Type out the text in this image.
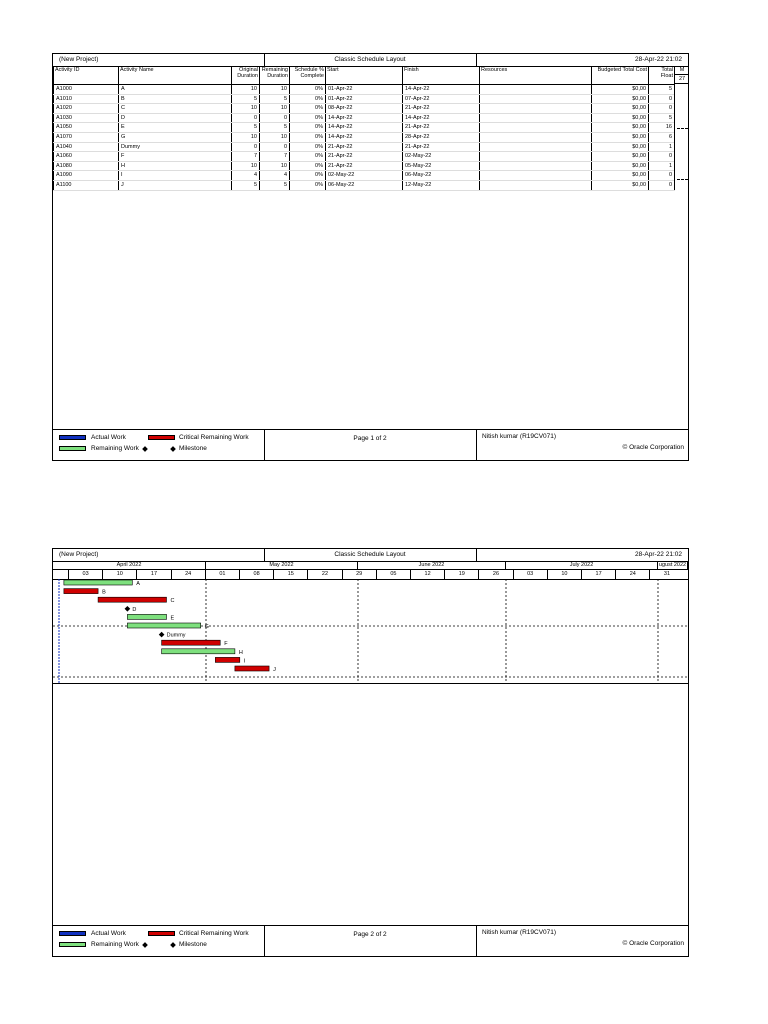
(New Project)	Classic Schedule Layout	28-Apr-22 21:02
Activity ID	Activity Name	Original Duration	Remaining Duration	Schedule % Complete	Start	Finish	Resources	Budgeted Total Cost	Total Float
A1000	A	10	10	0%	01-Apr-22	14-Apr-22		$0,00	5
A1010	B	5	5	0%	01-Apr-22	07-Apr-22		$0,00	0
A1020	C	10	10	0%	08-Apr-22	21-Apr-22		$0,00	0
A1030	D	0	0	0%	14-Apr-22	14-Apr-22		$0,00	5
A1050	E	5	5	0%	14-Apr-22	21-Apr-22		$0,00	16
A1070	G	10	10	0%	14-Apr-22	28-Apr-22		$0,00	6
A1040	Dummy	0	0	0%	21-Apr-22	21-Apr-22		$0,00	1
A1060	F	7	7	0%	21-Apr-22	02-May-22		$0,00	0
A1080	H	10	10	0%	21-Apr-22	05-May-22		$0,00	1
A1090	I	4	4	0%	02-May-22	06-May-22		$0,00	0
A1100	J	5	5	0%	06-May-22	12-May-22		$0,00	0
M
27
Actual Work	Critical Remaining Work
Remaining Work	Milestone
Page 1 of 2	Nitish kumar (R19CV071)
© Oracle Corporation
(New Project)	Classic Schedule Layout	28-Apr-22 21:02
April 2022	May 2022	June 2022	July 2022	ugust 2022
03	10	17	24	01	08	15	22	29	05	12	19	26	03	10	17	24	31
A
B
C
D
E
G
Dummy
F
H
I
J
Actual Work	Critical Remaining Work
Remaining Work	Milestone
Page 2 of 2	Nitish kumar (R19CV071)
© Oracle Corporation
